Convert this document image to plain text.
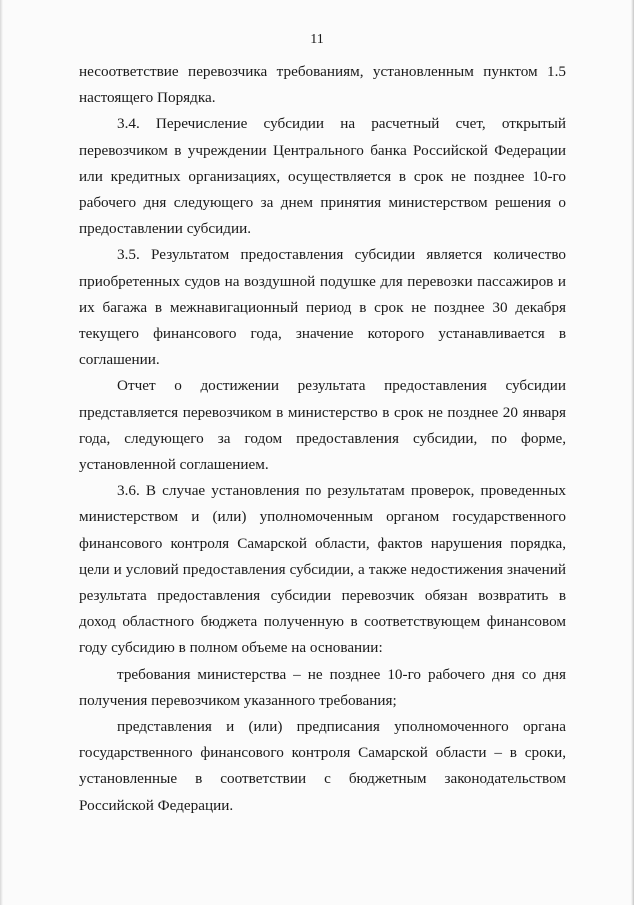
11

несоответствие перевозчика требованиям, установленным пунктом 1.5 настоящего Порядка.

3.4. Перечисление субсидии на расчетный счет, открытый перевозчиком в учреждении Центрального банка Российской Федерации или кредитных организациях, осуществляется в срок не позднее 10-го рабочего дня следующего за днем принятия министерством решения о предоставлении субсидии.

3.5. Результатом предоставления субсидии является количество приобретенных судов на воздушной подушке для перевозки пассажиров и их багажа в межнавигационный период в срок не позднее 30 декабря текущего финансового года, значение которого устанавливается в соглашении.

Отчет о достижении результата предоставления субсидии представляется перевозчиком в министерство в срок не позднее 20 января года, следующего за годом предоставления субсидии, по форме, установленной соглашением.

3.6. В случае установления по результатам проверок, проведенных министерством и (или) уполномоченным органом государственного финансового контроля Самарской области, фактов нарушения порядка, цели и условий предоставления субсидии, а также недостижения значений результата предоставления субсидии перевозчик обязан возвратить в доход областного бюджета полученную в соответствующем финансовом году субсидию в полном объеме на основании:

требования министерства – не позднее 10-го рабочего дня со дня получения перевозчиком указанного требования;

представления и (или) предписания уполномоченного органа государственного финансового контроля Самарской области – в сроки, установленные в соответствии с бюджетным законодательством Российской Федерации.
